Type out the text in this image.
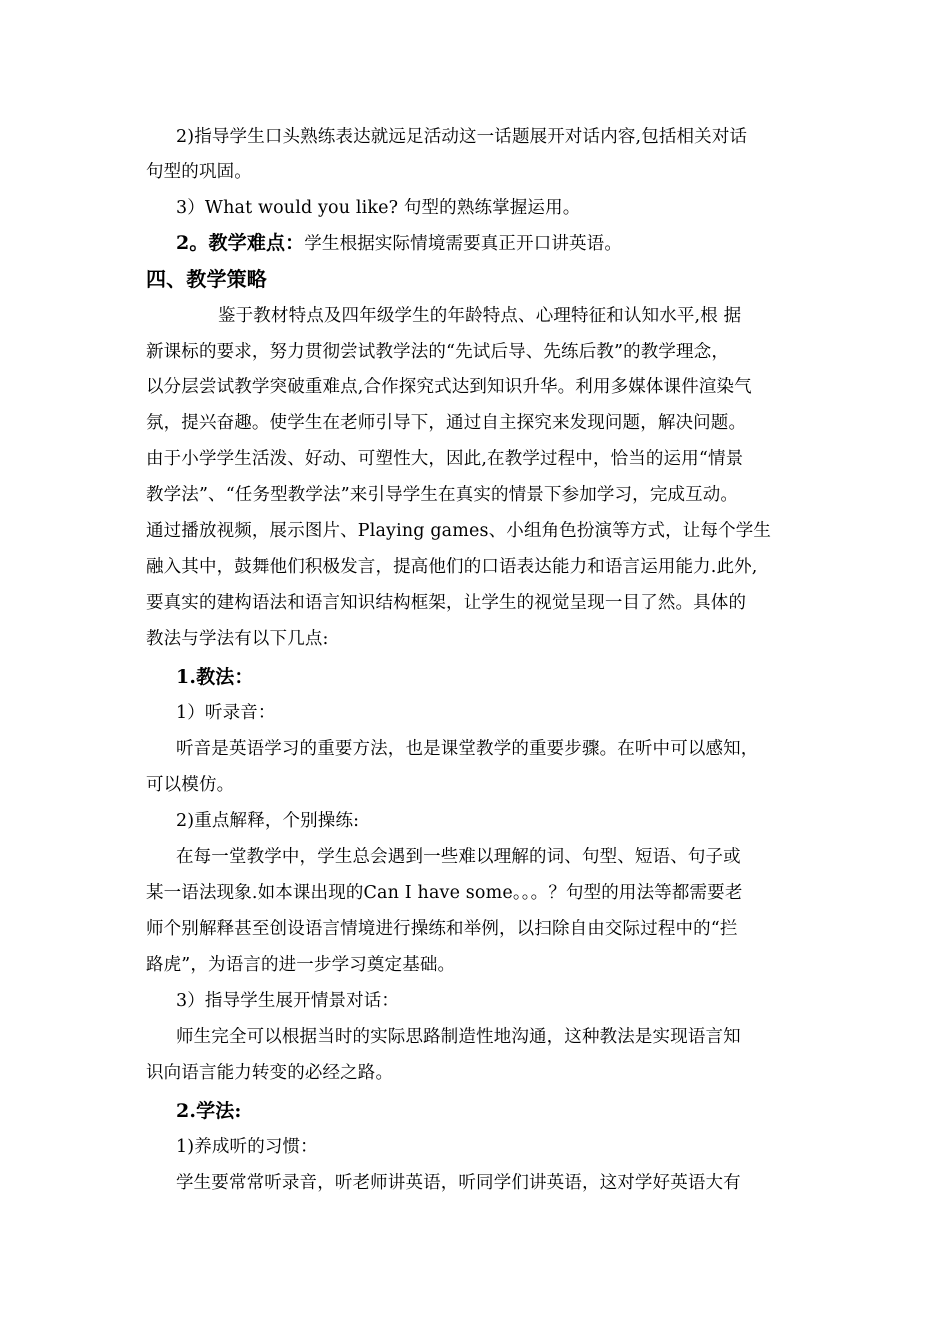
2)指导学生口头熟练表达就远足活动这一话题展开对话内容,包括相关对话
句型的巩固。
3）What would you like? 句型的熟练掌握运用。
2。教学难点：学生根据实际情境需要真正开口讲英语。
四、教学策略
鉴于教材特点及四年级学生的年龄特点、心理特征和认知水平,根 据
新课标的要求，努力贯彻尝试教学法的“先试后导、先练后教”的教学理念，
以分层尝试教学突破重难点,合作探究式达到知识升华。利用多媒体课件渲染气
氛，提兴奋趣。使学生在老师引导下，通过自主探究来发现问题，解决问题。
由于小学学生活泼、好动、可塑性大，因此,在教学过程中，恰当的运用“情景
教学法”、“任务型教学法”来引导学生在真实的情景下参加学习，完成互动。
通过播放视频，展示图片、Playing games、小组角色扮演等方式，让每个学生
融入其中，鼓舞他们积极发言，提高他们的口语表达能力和语言运用能力.此外,
要真实的建构语法和语言知识结构框架，让学生的视觉呈现一目了然。具体的
教法与学法有以下几点:
1.教法：
1）听录音：
听音是英语学习的重要方法，也是课堂教学的重要步骤。在听中可以感知，
可以模仿。
2)重点解释，个别操练:
在每一堂教学中，学生总会遇到一些难以理解的词、句型、短语、句子或
某一语法现象.如本课出现的Can I have some。。。？句型的用法等都需要老
师个别解释甚至创设语言情境进行操练和举例，以扫除自由交际过程中的“拦
路虎”，为语言的进一步学习奠定基础。
3）指导学生展开情景对话：
师生完全可以根据当时的实际思路制造性地沟通，这种教法是实现语言知
识向语言能力转变的必经之路。
2.学法:
1)养成听的习惯：
学生要常常听录音，听老师讲英语，听同学们讲英语，这对学好英语大有
